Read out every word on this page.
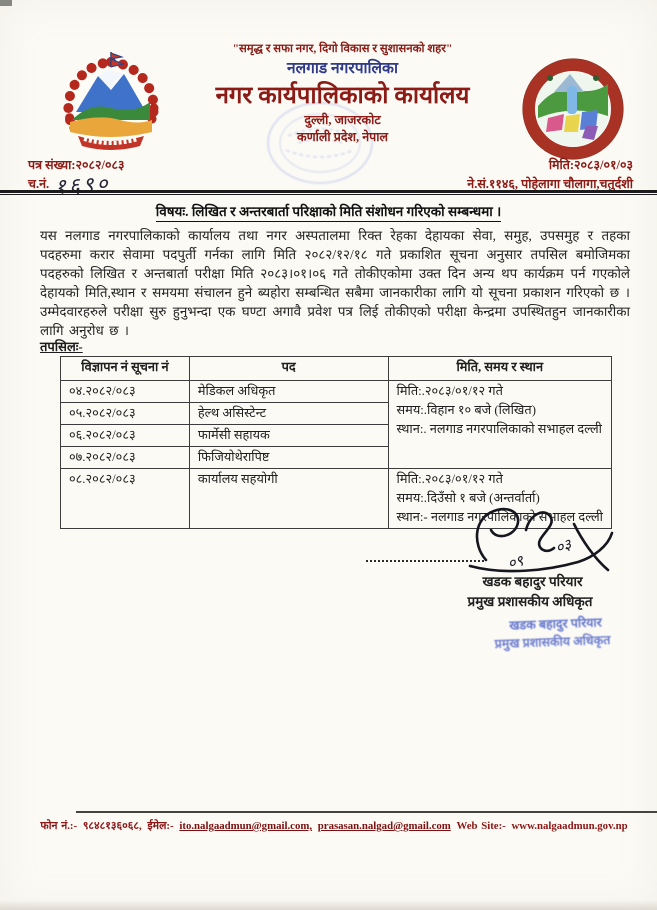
"समृद्ध र सफा नगर, दिगो विकास र सुशासनको शहर"
नलगाड नगरपालिका
नगर कार्यपालिकाको कार्यालय
दुल्ली, जाजरकोट
कर्णाली प्रदेश, नेपाल
पत्र संख्या:२०८२/०८३
च.नं. १६९०
मिति:२०८३/०१/०३
ने.सं.११४६, पोहेलागा चौलागा,चतुर्दशी
विषयः. लिखित र अन्तरबार्ता परिक्षाको मिति संशोधन गरिएको सम्बन्धमा ।
यस नलगाड नगरपालिकाको कार्यालय तथा नगर अस्पतालमा रिक्त रेहका देहायका सेवा, समुह, उपसमुह र तहका पदहरुमा करार सेवामा पदपुर्ती गर्नका लागि मिति २०८२/१२/१८ गते प्रकाशित सूचना अनुसार तपसिल बमोजिमका पदहरुको लिखित र अन्तबार्ता परीक्षा मिति २०८३।०१।०६ गते तोकीएकोमा उक्त दिन अन्य थप कार्यक्रम पर्न गएकोले देहायको मिति,स्थान र समयमा संचालन हुने ब्यहोरा सम्बन्धित सबैमा जानकारीका लागि यो सूचना प्रकाशन गरिएको छ । उम्मेदवारहरुले परीक्षा सुरु हुनुभन्दा एक घण्टा अगावै प्रवेश पत्र लिई तोकीएको परीक्षा केन्द्रमा उपस्थितहुन जानकारीका लागि अनुरोध छ ।
तपसिलः-
विज्ञापन नं सूचना नं	पद	मिति, समय र स्थान
०४.२०८२/०८३	मेडिकल अधिकृत	मिति:.२०८३/०१/१२ गते
समय:.विहान १० बजे (लिखित)
स्थान:. नलगाड नगरपालिकाको सभाहल दल्ली

०५.२०८२/०८३	हेल्थ असिस्टेन्ट	
०६.२०८२/०८३	फार्मेसी सहायक	
०७.२०८२/०८३	फिजियोथेरापिष्ट	
०८.२०८२/०८३	कार्यालय सहयोगी	मिति:.२०८३/०१/१२ गते
समय:.दिउँसो १ बजे (अन्तर्वार्ता)
स्थान:- नलगाड नगरपालिकाको सभाहल दल्ली
०९
०३
खडक बहादुर परियार
प्रमुख प्रशासकीय अधिकृत
खडक बहादुर परियार
प्रमुख प्रशासकीय अधिकृत
फोन नं.:- ९८४८१३६०६८, ईमेल:- ito.nalgaadmun@gmail.com, prasasan.nalgad@gmail.com Web Site:- www.nalgaadmun.gov.np
